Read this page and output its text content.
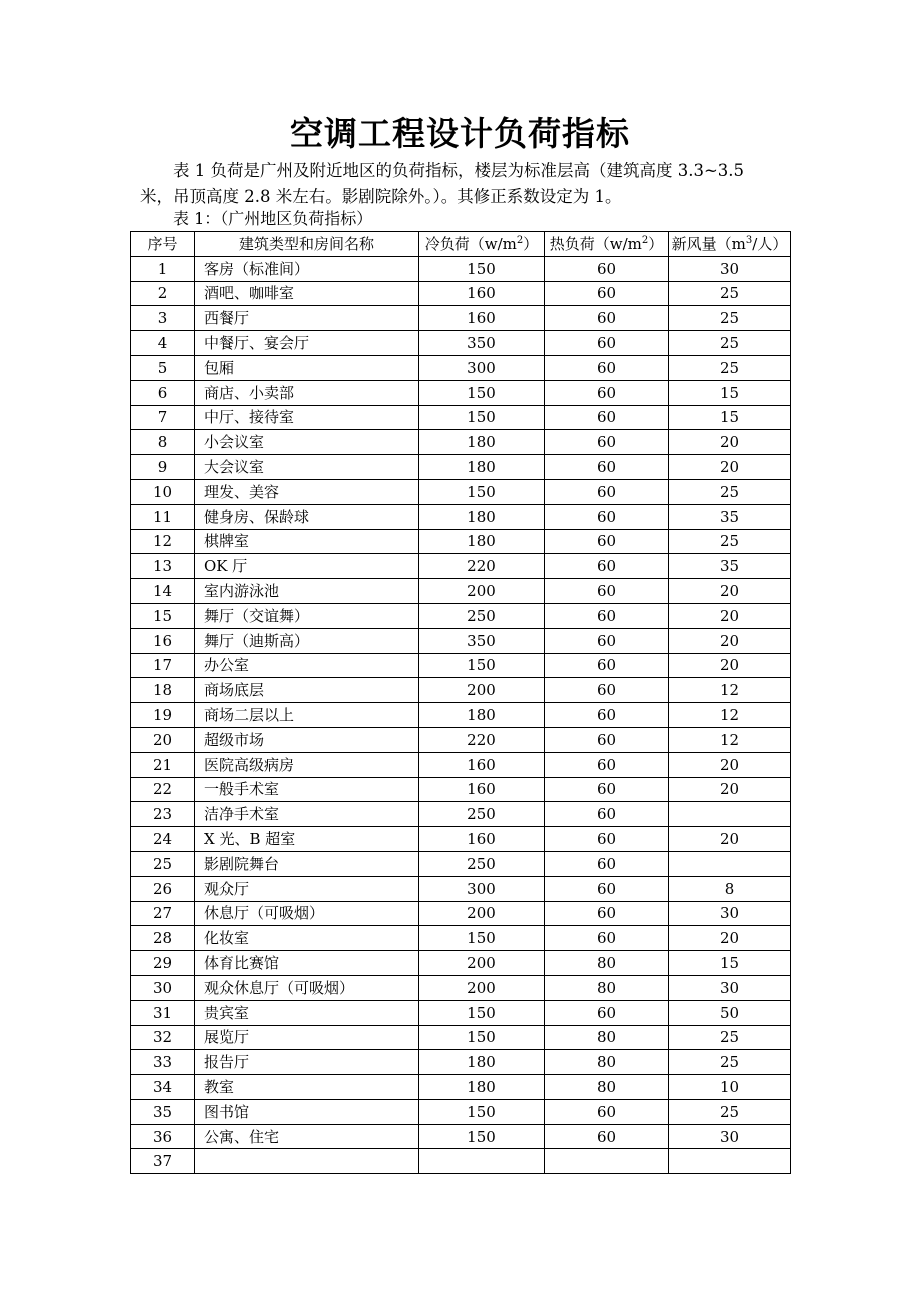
空调工程设计负荷指标
表 1 负荷是广州及附近地区的负荷指标，楼层为标准层高（建筑高度 3.3~3.5 米，吊顶高度 2.8 米左右。影剧院除外。）。其修正系数设定为 1。
表 1：（广州地区负荷指标）
序号	建筑类型和房间名称	冷负荷$(w/m^2)$	热负荷$(w/m^2)$	新风量（$m^3/$人）
1	客房（标准间）	150	60	30
2	酒吧、咖啡室	160	60	25
3	西餐厅	160	60	25
4	中餐厅、宴会厅	350	60	25
5	包厢	300	60	25
6	商店、小卖部	150	60	15
7	中厅、接待室	150	60	15
8	小会议室	180	60	20
9	大会议室	180	60	20
10	理发、美容	150	60	25
11	健身房、保龄球	180	60	35
12	棋牌室	180	60	25
13	OK 厅	220	60	35
14	室内游泳池	200	60	20
15	舞厅（交谊舞）	250	60	20
16	舞厅（迪斯高）	350	60	20
17	办公室	150	60	20
18	商场底层	200	60	12
19	商场二层以上	180	60	12
20	超级市场	220	60	12
21	医院高级病房	160	60	20
22	一般手术室	160	60	20
23	洁净手术室	250	60	
24	X 光、B 超室	160	60	20
25	影剧院舞台	250	60	
26	观众厅	300	60	8
27	休息厅（可吸烟）	200	60	30
28	化妆室	150	60	20
29	体育比赛馆	200	80	15
30	观众休息厅（可吸烟）	200	80	30
31	贵宾室	150	60	50
32	展览厅	150	80	25
33	报告厅	180	80	25
34	教室	180	80	10
35	图书馆	150	60	25
36	公寓、住宅	150	60	30
37				
